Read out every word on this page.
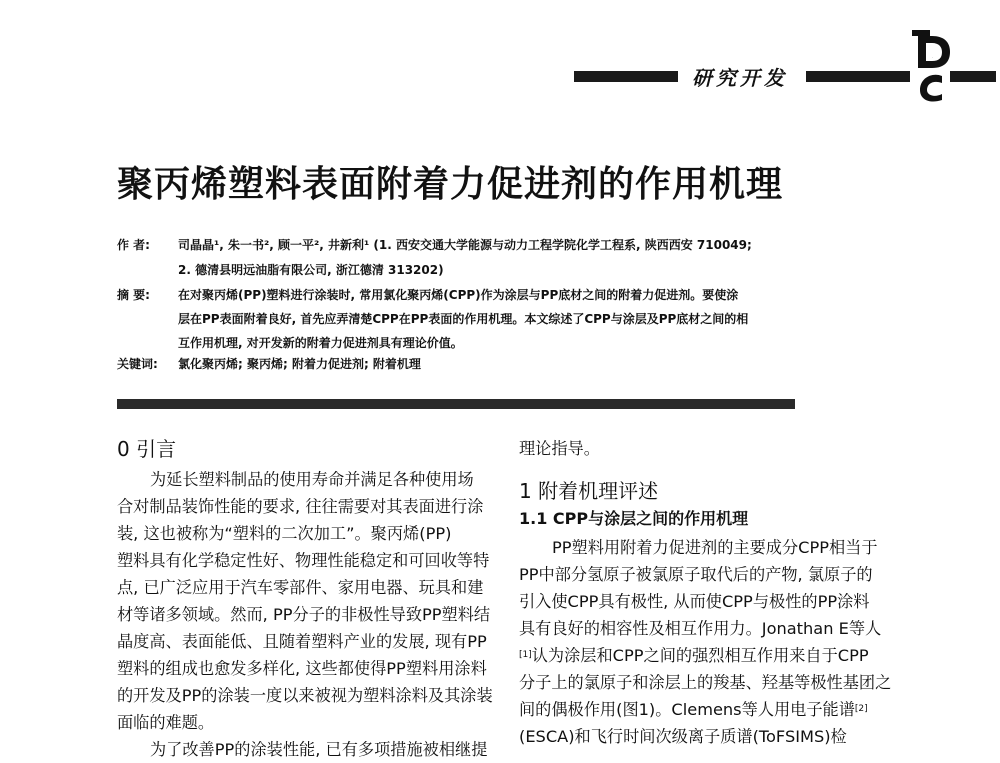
研究开发
P
聚丙烯塑料表面附着力促进剂的作用机理
作 者: 司晶晶¹, 朱一书², 顾一平², 井新利¹ (1. 西安交通大学能源与动力工程学院化学工程系, 陕西西安 710049;
2. 德清县明远油脂有限公司, 浙江德清 313202)
摘 要: 在对聚丙烯(PP)塑料进行涂装时, 常用氯化聚丙烯(CPP)作为涂层与PP底材之间的附着力促进剂。要使涂
层在PP表面附着良好, 首先应弄清楚CPP在PP表面的作用机理。本文综述了CPP与涂层及PP底材之间的相
互作用机理, 对开发新的附着力促进剂具有理论价值。
关键词: 氯化聚丙烯; 聚丙烯; 附着力促进剂; 附着机理
0 引言
为延长塑料制品的使用寿命并满足各种使用场
合对制品装饰性能的要求, 往往需要对其表面进行涂
装, 这也被称为“塑料的二次加工”。聚丙烯(PP)
塑料具有化学稳定性好、物理性能稳定和可回收等特
点, 已广泛应用于汽车零部件、家用电器、玩具和建
材等诸多领域。然而, PP分子的非极性导致PP塑料结
晶度高、表面能低、且随着塑料产业的发展, 现有PP
塑料的组成也愈发多样化, 这些都使得PP塑料用涂料
的开发及PP的涂装一度以来被视为塑料涂料及其涂装
面临的难题。
为了改善PP的涂装性能, 已有多项措施被相继提
理论指导。
1 附着机理评述
1.1 CPP与涂层之间的作用机理
PP塑料用附着力促进剂的主要成分CPP相当于
PP中部分氢原子被氯原子取代后的产物, 氯原子的
引入使CPP具有极性, 从而使CPP与极性的PP涂料
具有良好的相容性及相互作用力。Jonathan E等人
[1]认为涂层和CPP之间的强烈相互作用来自于CPP
分子上的氯原子和涂层上的羧基、羟基等极性基团之
间的偶极作用(图1)。Clemens等人用电子能谱[2]
(ESCA)和飞行时间次级离子质谱(ToFSIMS)检
